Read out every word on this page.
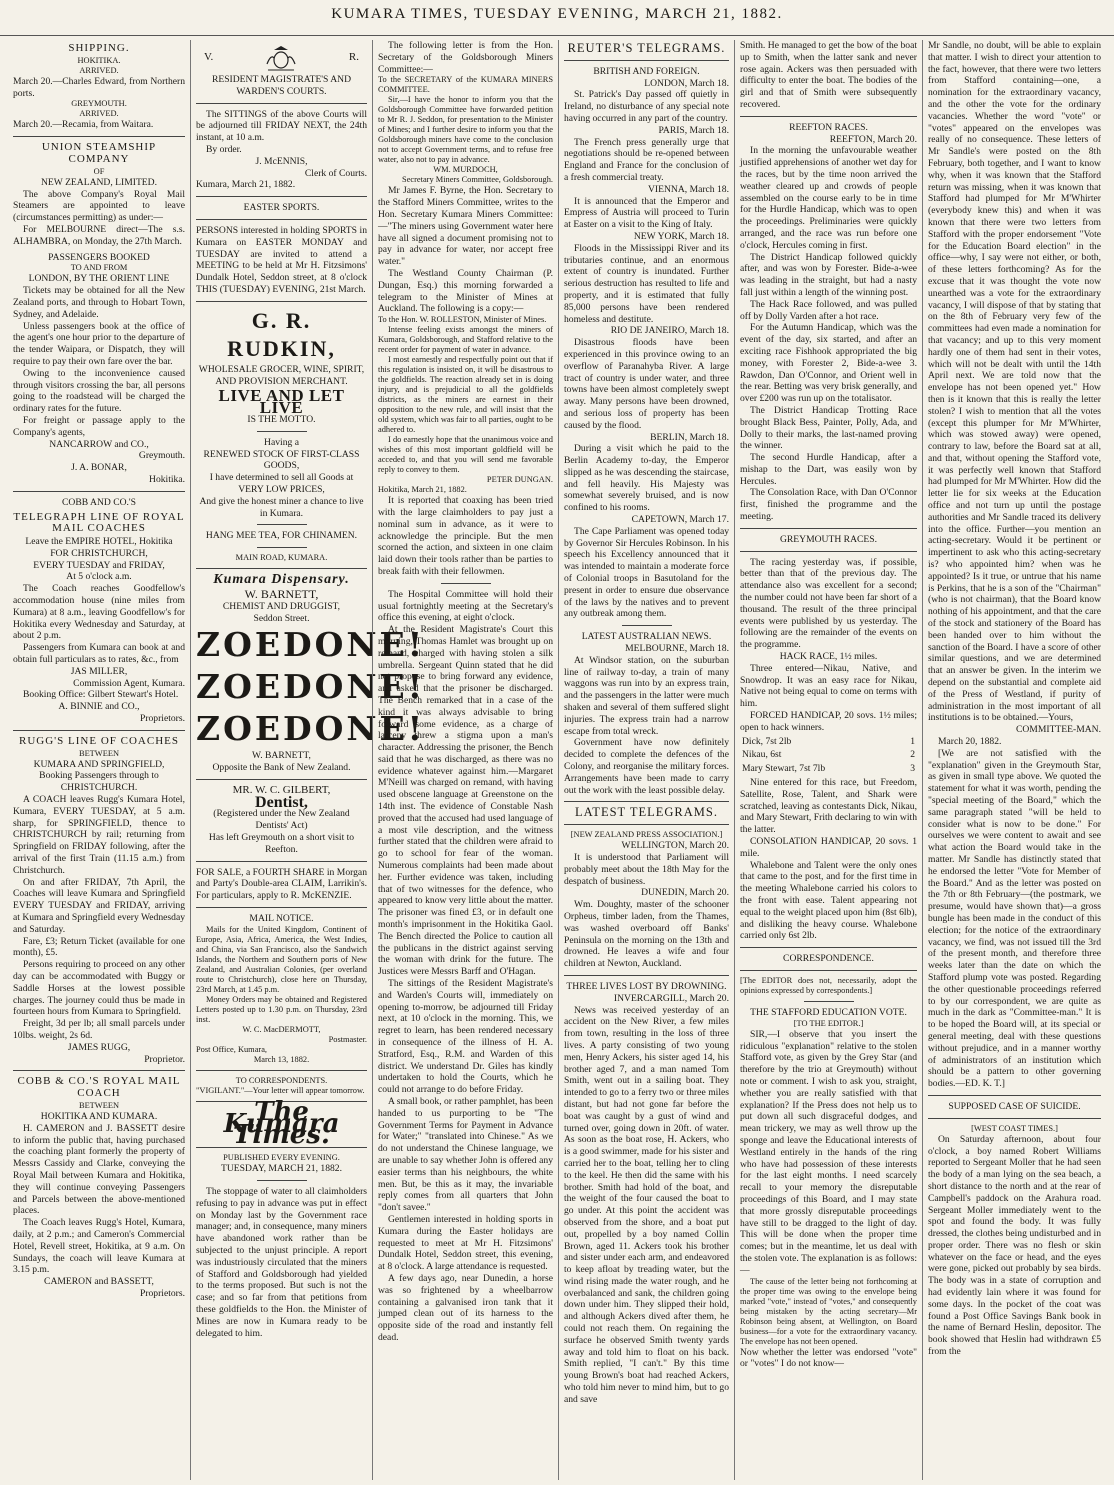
KUMARA TIMES, TUESDAY EVENING, MARCH 21, 1882.
SHIPPING.
HOKITIKA.
ARRIVED.
March 20.—Charles Edward, from Northern ports.
GREYMOUTH.
ARRIVED.
March 20.—Recamia, from Waitara.
UNION STEAMSHIP COMPANY
OF
NEW ZEALAND, LIMITED.
The above Company's Royal Mail Steamers are appointed to leave (circumstances permitting) as under:—
For MELBOURNE direct—The s.s. ALHAMBRA, on Monday, the 27th March.
PASSENGERS BOOKED
TO AND FROM
LONDON, BY THE ORIENT LINE
Tickets may be obtained for all the New Zealand ports, and through to Hobart Town, Sydney, and Adelaide.
Unless passengers book at the office of the agent's one hour prior to the departure of the tender Waipara, or Dispatch, they will require to pay their own fare over the bar.
Owing to the inconvenience caused through visitors crossing the bar, all persons going to the roadstead will be charged the ordinary rates for the future.
For freight or passage apply to the Company's agents,
NANCARROW and CO.,
Greymouth.
J. A. BONAR,
Hokitika.
COBB AND CO.'S
TELEGRAPH LINE OF ROYAL MAIL COACHES
Leave the EMPIRE HOTEL, Hokitika
FOR CHRISTCHURCH,
EVERY TUESDAY and FRIDAY,
At 5 o'clock a.m.
The Coach reaches Goodfellow's accommodation house (nine miles from Kumara) at 8 a.m., leaving Goodfellow's for Hokitika every Wednesday and Saturday, at about 2 p.m.
Passengers from Kumara can book at and obtain full particulars as to rates, &c., from
JAS MILLER,
Commission Agent, Kumara.
Booking Office: Gilbert Stewart's Hotel.
A. BINNIE and CO.,
Proprietors.
RUGG'S LINE OF COACHES
BETWEEN
KUMARA AND SPRINGFIELD,
Booking Passengers through to
CHRISTCHURCH.
A COACH leaves Rugg's Kumara Hotel, Kumara, EVERY TUESDAY, at 5 a.m. sharp, for SPRINGFIELD, thence to CHRISTCHURCH by rail; returning from Springfield on FRIDAY following, after the arrival of the first Train (11.15 a.m.) from Christchurch.
On and after FRIDAY, 7th April, the Coaches will leave Kumara and Springfield EVERY TUESDAY and FRIDAY, arriving at Kumara and Springfield every Wednesday and Saturday.
Fare, £3; Return Ticket (available for one month), £5.
Persons requiring to proceed on any other day can be accommodated with Buggy or Saddle Horses at the lowest possible charges. The journey could thus be made in fourteen hours from Kumara to Springfield.
Freight, 3d per lb; all small parcels under 10lbs. weight, 2s 6d.
JAMES RUGG,
Proprietor.
COBB & CO.'S ROYAL MAIL COACH
BETWEEN
HOKITIKA AND KUMARA.
H. CAMERON and J. BASSETT desire to inform the public that, having purchased the coaching plant formerly the property of Messrs Cassidy and Clarke, conveying the Royal Mail between Kumara and Hokitika, they will continue conveying Passengers and Parcels between the above-mentioned places.
The Coach leaves Rugg's Hotel, Kumara, daily, at 2 p.m.; and Cameron's Commercial Hotel, Revell street, Hokitika, at 9 a.m. On Sundays, the coach will leave Kumara at 3.15 p.m.
CAMERON and BASSETT,
Proprietors.
V.	R.
RESIDENT MAGISTRATE'S AND WARDEN'S COURTS.
The SITTINGS of the above Courts will be adjourned till FRIDAY NEXT, the 24th instant, at 10 a.m.
By order.
J. McENNIS,
Clerk of Courts.
Kumara, March 21, 1882.
EASTER SPORTS.
PERSONS interested in holding SPORTS in Kumara on EASTER MONDAY and TUESDAY are invited to attend a MEETING to be held at Mr H. Fitzsimons' Dundalk Hotel, Seddon street, at 8 o'clock THIS (TUESDAY) EVENING, 21st March.
G. R. RUDKIN,
WHOLESALE GROCER, WINE, SPIRIT, AND PROVISION MERCHANT.
LIVE AND LET LIVE
IS THE MOTTO.
Having a
RENEWED STOCK OF FIRST-CLASS GOODS,
I have determined to sell all Goods at VERY LOW PRICES,
And give the honest miner a chance to live in Kumara.
HANG MEE TEA, FOR CHINAMEN.
MAIN ROAD, KUMARA.
Kumara Dispensary.
W. BARNETT,
CHEMIST AND DRUGGIST,
Seddon Street.
ZOEDONE!
ZOEDONE!
ZOEDONE!
W. BARNETT,
Opposite the Bank of New Zealand.
MR. W. C. GILBERT,
Dentist,
(Registered under the New Zealand Dentists' Act)
Has left Greymouth on a short visit to Reefton.
FOR SALE, a FOURTH SHARE in Morgan and Party's Double-area CLAIM, Larrikin's. For particulars, apply to R. McKENZIE.
MAIL NOTICE.
Mails for the United Kingdom, Continent of Europe, Asia, Africa, America, the West Indies, and China, via San Francisco, also the Sandwich Islands, the Northern and Southern ports of New Zealand, and Australian Colonies, (per overland route to Christchurch), close here on Thursday, 23rd March, at 1.45 p.m.
Money Orders may be obtained and Registered Letters posted up to 1.30 p.m. on Thursday, 23rd inst.
W. C. MacDERMOTT,
Postmaster.
Post Office, Kumara,
March 13, 1882.
TO CORRESPONDENTS.
"VIGILANT."—Your letter will appear tomorrow.
The Kumara Times.
PUBLISHED EVERY EVENING.
TUESDAY, MARCH 21, 1882.
The stoppage of water to all claimholders refusing to pay in advance was put in effect on Monday last by the Government race manager; and, in consequence, many miners have abandoned work rather than be subjected to the unjust principle. A report was industriously circulated that the miners of Stafford and Goldsborough had yielded to the terms proposed. But such is not the case; and so far from that petitions from these goldfields to the Hon. the Minister of Mines are now in Kumara ready to be delegated to him.
The following letter is from the Hon. Secretary of the Goldsborough Miners Committee:—
To the SECRETARY of the KUMARA MINERS COMMITTEE.
Sir,—I have the honor to inform you that the Goldsborough Committee have forwarded petition to Mr R. J. Seddon, for presentation to the Minister of Mines; and I further desire to inform you that the Goldsborough miners have come to the conclusion not to accept Government terms, and to refuse free water, also not to pay in advance.
WM. MURDOCH,
Secretary Miners Committee, Goldsborough.
Mr James F. Byrne, the Hon. Secretary to the Stafford Miners Committee, writes to the Hon. Secretary Kumara Miners Committee:—"The miners using Government water here have all signed a document promising not to pay in advance for water, nor accept free water."
The Westland County Chairman (P. Dungan, Esq.) this morning forwarded a telegram to the Minister of Mines at Auckland. The following is a copy:—
To the Hon. W. ROLLESTON, Minister of Mines.
Intense feeling exists amongst the miners of Kumara, Goldsborough, and Stafford relative to the recent order for payment of water in advance.
I most earnestly and respectfully point out that if this regulation is insisted on, it will be disastrous to the goldfields. The reaction already set in is doing injury, and is prejudicial to all the goldfields districts, as the miners are earnest in their opposition to the new rule, and will insist that the old system, which was fair to all parties, ought to be adhered to.
I do earnestly hope that the unanimous voice and wishes of this most important goldfield will be acceded to, and that you will send me favorable reply to convey to them.
PETER DUNGAN.
Hokitika, March 21, 1882.
It is reported that coaxing has been tried with the large claimholders to pay just a nominal sum in advance, as it were to acknowledge the principle. But the men scorned the action, and sixteen in one claim laid down their tools rather than be parties to break faith with their fellowmen.
The Hospital Committee will hold their usual fortnightly meeting at the Secretary's office this evening, at eight o'clock.
At the Resident Magistrate's Court this morning, Thomas Hamlet was brought up on remand, charged with having stolen a silk umbrella. Sergeant Quinn stated that he did not propose to bring forward any evidence, and asked that the prisoner be discharged. The Bench remarked that in a case of the kind it was always advisable to bring forward some evidence, as a charge of larceny threw a stigma upon a man's character. Addressing the prisoner, the Bench said that he was discharged, as there was no evidence whatever against him.—Margaret M'Neill was charged on remand, with having used obscene language at Greenstone on the 14th inst. The evidence of Constable Nash proved that the accused had used language of a most vile description, and the witness further stated that the children were afraid to go to school for fear of the woman. Numerous complaints had been made about her. Further evidence was taken, including that of two witnesses for the defence, who appeared to know very little about the matter. The prisoner was fined £3, or in default one month's imprisonment in the Hokitika Gaol. The Bench directed the Police to caution all the publicans in the district against serving the woman with drink for the future. The Justices were Messrs Barff and O'Hagan.
The sittings of the Resident Magistrate's and Warden's Courts will, immediately on opening to-morrow, be adjourned till Friday next, at 10 o'clock in the morning. This, we regret to learn, has been rendered necessary in consequence of the illness of H. A. Stratford, Esq., R.M. and Warden of this district. We understand Dr. Giles has kindly undertaken to hold the Courts, which he could not arrange to do before Friday.
A small book, or rather pamphlet, has been handed to us purporting to be "The Government Terms for Payment in Advance for Water;" "translated into Chinese." As we do not understand the Chinese language, we are unable to say whether John is offered any easier terms than his neighbours, the white men. But, be this as it may, the invariable reply comes from all quarters that John "don't savee."
Gentlemen interested in holding sports in Kumara during the Easter holidays are requested to meet at Mr H. Fitzsimons' Dundalk Hotel, Seddon street, this evening, at 8 o'clock. A large attendance is requested.
A few days ago, near Dunedin, a horse was so frightened by a wheelbarrow containing a galvanised iron tank that it jumped clean out of its harness to the opposite side of the road and instantly fell dead.
REUTER'S TELEGRAMS.
BRITISH AND FOREIGN.
LONDON, March 18.
St. Patrick's Day passed off quietly in Ireland, no disturbance of any special note having occurred in any part of the country.
PARIS, March 18.
The French press generally urge that negotiations should be re-opened between England and France for the conclusion of a fresh commercial treaty.
VIENNA, March 18.
It is announced that the Emperor and Empress of Austria will proceed to Turin at Easter on a visit to the King of Italy.
NEW YORK, March 18.
Floods in the Mississippi River and its tributaries continue, and an enormous extent of country is inundated. Further serious destruction has resulted to life and property, and it is estimated that fully 85,000 persons have been rendered homeless and destitute.
RIO DE JANEIRO, March 18.
Disastrous floods have been experienced in this province owing to an overflow of Paranahyba River. A large tract of country is under water, and three towns have been almost completely swept away. Many persons have been drowned, and serious loss of property has been caused by the flood.
BERLIN, March 18.
During a visit which he paid to the Berlin Academy to-day, the Emperor slipped as he was descending the staircase, and fell heavily. His Majesty was somewhat severely bruised, and is now confined to his rooms.
CAPETOWN, March 17.
The Cape Parliament was opened today by Governor Sir Hercules Robinson. In his speech his Excellency announced that it was intended to maintain a moderate force of Colonial troops in Basutoland for the present in order to ensure due observance of the laws by the natives and to prevent any outbreak among them.
LATEST AUSTRALIAN NEWS.
MELBOURNE, March 18.
At Windsor station, on the suburban line of railway to-day, a train of many waggons was run into by an express train, and the passengers in the latter were much shaken and several of them suffered slight injuries. The express train had a narrow escape from total wreck.
Government have now definitely decided to complete the defences of the Colony, and reorganise the military forces. Arrangements have been made to carry out the work with the least possible delay.
LATEST TELEGRAMS.
[NEW ZEALAND PRESS ASSOCIATION.]
WELLINGTON, March 20.
It is understood that Parliament will probably meet about the 18th May for the despatch of business.
DUNEDIN, March 20.
Wm. Doughty, master of the schooner Orpheus, timber laden, from the Thames, was washed overboard off Banks' Peninsula on the morning on the 13th and drowned. He leaves a wife and four children at Newton, Auckland.
THREE LIVES LOST BY DROWNING.
INVERCARGILL, March 20.
News was received yesterday of an accident on the New River, a few miles from town, resulting in the loss of three lives. A party consisting of two young men, Henry Ackers, his sister aged 14, his brother aged 7, and a man named Tom Smith, went out in a sailing boat. They intended to go to a ferry two or three miles distant, but had not gone far before the boat was caught by a gust of wind and turned over, going down in 20ft. of water. As soon as the boat rose, H. Ackers, who is a good swimmer, made for his sister and carried her to the boat, telling her to cling to the keel. He then did the same with his brother. Smith had hold of the boat, and the weight of the four caused the boat to go under. At this point the accident was observed from the shore, and a boat put out, propelled by a boy named Collin Brown, aged 11. Ackers took his brother and sister under each arm, and endeavored to keep afloat by treading water, but the wind rising made the water rough, and he overbalanced and sank, the children going down under him. They slipped their hold, and although Ackers dived after them, he could not reach them. On regaining the surface he observed Smith twenty yards away and told him to float on his back. Smith replied, "I can't." By this time young Brown's boat had reached Ackers, who told him never to mind him, but to go and save
Smith. He managed to get the bow of the boat up to Smith, when the latter sank and never rose again. Ackers was then persuaded with difficulty to enter the boat. The bodies of the girl and that of Smith were subsequently recovered.
REEFTON RACES.
REEFTON, March 20.
In the morning the unfavourable weather justified apprehensions of another wet day for the races, but by the time noon arrived the weather cleared up and crowds of people assembled on the course early to be in time for the Hurdle Handicap, which was to open the proceedings. Preliminaries were quickly arranged, and the race was run before one o'clock, Hercules coming in first.
The District Handicap followed quickly after, and was won by Forester. Bide-a-wee was leading in the straight, but had a nasty fall just within a length of the winning post.
The Hack Race followed, and was pulled off by Dolly Varden after a hot race.
For the Autumn Handicap, which was the event of the day, six started, and after an exciting race Fishhook appropriated the big money, with Forester 2, Bide-a-wee 3. Rawdon, Dan O'Connor, and Orient well in the rear. Betting was very brisk generally, and over £200 was run up on the totalisator.
The District Handicap Trotting Race brought Black Bess, Painter, Polly, Ada, and Dolly to their marks, the last-named proving the winner.
The second Hurdle Handicap, after a mishap to the Dart, was easily won by Hercules.
The Consolation Race, with Dan O'Connor first, finished the programme and the meeting.
GREYMOUTH RACES.
The racing yesterday was, if possible, better than that of the previous day. The attendance also was excellent for a second; the number could not have been far short of a thousand. The result of the three principal events were published by us yesterday. The following are the remainder of the events on the programme.
HACK RACE, 1½ miles.
Three entered—Nikau, Native, and Snowdrop. It was an easy race for Nikau, Native not being equal to come on terms with him.
FORCED HANDICAP, 20 sovs. 1½ miles; open to hack winners.
Dick, 7st 2lb	1
Nikau, 6st	2
Mary Stewart, 7st 7lb	3
Nine entered for this race, but Freedom, Satellite, Rose, Talent, and Shark were scratched, leaving as contestants Dick, Nikau, and Mary Stewart, Frith declaring to win with the latter.
CONSOLATION HANDICAP, 20 sovs. 1 mile.
Whalebone and Talent were the only ones that came to the post, and for the first time in the meeting Whalebone carried his colors to the front with ease. Talent appearing not equal to the weight placed upon him (8st 6lb), and disliking the heavy course. Whalebone carried only 6st 2lb.
CORRESPONDENCE.
[The EDITOR does not, necessarily, adopt the opinions expressed by correspondents.]
THE STAFFORD EDUCATION VOTE.
[TO THE EDITOR.]
SIR,—I observe that you insert the ridiculous "explanation" relative to the stolen Stafford vote, as given by the Grey Star (and therefore by the trio at Greymouth) without note or comment. I wish to ask you, straight, whether you are really satisfied with that explanation? If the Press does not help us to put down all such disgraceful dodges, and mean trickery, we may as well throw up the sponge and leave the Educational interests of Westland entirely in the hands of the ring who have had possession of these interests for the last eight months. I need scarcely recall to your memory the disreputable proceedings of this Board, and I may state that more grossly disreputable proceedings have still to be dragged to the light of day. This will be done when the proper time comes; but in the meantime, let us deal with the stolen vote. The explanation is as follows:—
The cause of the letter being not forthcoming at the proper time was owing to the envelope being marked "vote," instead of "votes," and consequently being mistaken by the acting secretary—Mr Robinson being absent, at Wellington, on Board business—for a vote for the extraordinary vacancy. The envelope has not been opened.
Now whether the letter was endorsed "vote" or "votes" I do not know—
Mr Sandle, no doubt, will be able to explain that matter. I wish to direct your attention to the fact, however, that there were two letters from Stafford containing—one, a nomination for the extraordinary vacancy, and the other the vote for the ordinary vacancies. Whether the word "vote" or "votes" appeared on the envelopes was really of no consequence. These letters of Mr Sandle's were posted on the 8th February, both together, and I want to know why, when it was known that the Stafford return was missing, when it was known that Stafford had plumped for Mr M'Whirter (everybody knew this) and when it was known that there were two letters from Stafford with the proper endorsement "Vote for the Education Board election" in the office—why, I say were not either, or both, of these letters forthcoming? As for the excuse that it was thought the vote now unearthed was a vote for the extraordinary vacancy, I will dispose of that by stating that on the 8th of February very few of the committees had even made a nomination for that vacancy; and up to this very moment hardly one of them had sent in their votes, which will not be dealt with until the 14th April next. We are told now that the envelope has not been opened yet." How then is it known that this is really the letter stolen? I wish to mention that all the votes (except this plumper for Mr M'Whirter, which was stowed away) were opened, contrary to law, before the Board sat at all, and that, without opening the Stafford vote, it was perfectly well known that Stafford had plumped for Mr M'Whirter. How did the letter lie for six weeks at the Education office and not turn up until the postage authorities and Mr Sandle traced its delivery into the office. Further—you mention an acting-secretary. Would it be pertinent or impertinent to ask who this acting-secretary is? who appointed him? when was he appointed? Is it true, or untrue that his name is Perkins, that he is a son of the "Chairman" (who is not chairman), that the Board know nothing of his appointment, and that the care of the stock and stationery of the Board has been handed over to him without the sanction of the Board. I have a score of other similar questions, and we are determined that an answer be given. In the interim we depend on the substantial and complete aid of the Press of Westland, if purity of administration in the most important of all institutions is to be obtained.—Yours,
COMMITTEE-MAN.
March 20, 1882.
[We are not satisfied with the "explanation" given in the Greymouth Star, as given in small type above. We quoted the statement for what it was worth, pending the "special meeting of the Board," which the same paragraph stated "will be held to consider what is now to be done." For ourselves we were content to await and see what action the Board would take in the matter. Mr Sandle has distinctly stated that he endorsed the letter "Vote for Member of the Board." And as the letter was posted on the 7th or 8th February—(the postmark, we presume, would have shown that)—a gross bungle has been made in the conduct of this election; for the notice of the extraordinary vacancy, we find, was not issued till the 3rd of the present month, and therefore three weeks later than the date on which the Stafford plump vote was posted. Regarding the other questionable proceedings referred to by our correspondent, we are quite as much in the dark as "Committee-man." It is to be hoped the Board will, at its special or general meeting, deal with these questions without prejudice, and in a manner worthy of administrators of an institution which should be a pattern to other governing bodies.—ED. K. T.]
SUPPOSED CASE OF SUICIDE.
[WEST COAST TIMES.]
On Saturday afternoon, about four o'clock, a boy named Robert Williams reported to Sergeant Moller that he had seen the body of a man lying on the sea beach, a short distance to the north and at the rear of Campbell's paddock on the Arahura road. Sergeant Moller immediately went to the spot and found the body. It was fully dressed, the clothes being undisturbed and in proper order. There was no flesh or skin whatever on the face or head, and the eyes were gone, picked out probably by sea birds. The body was in a state of corruption and had evidently lain where it was found for some days. In the pocket of the coat was found a Post Office Savings Bank book in the name of Bernard Heslin, depositor. The book showed that Heslin had withdrawn £5 from the
